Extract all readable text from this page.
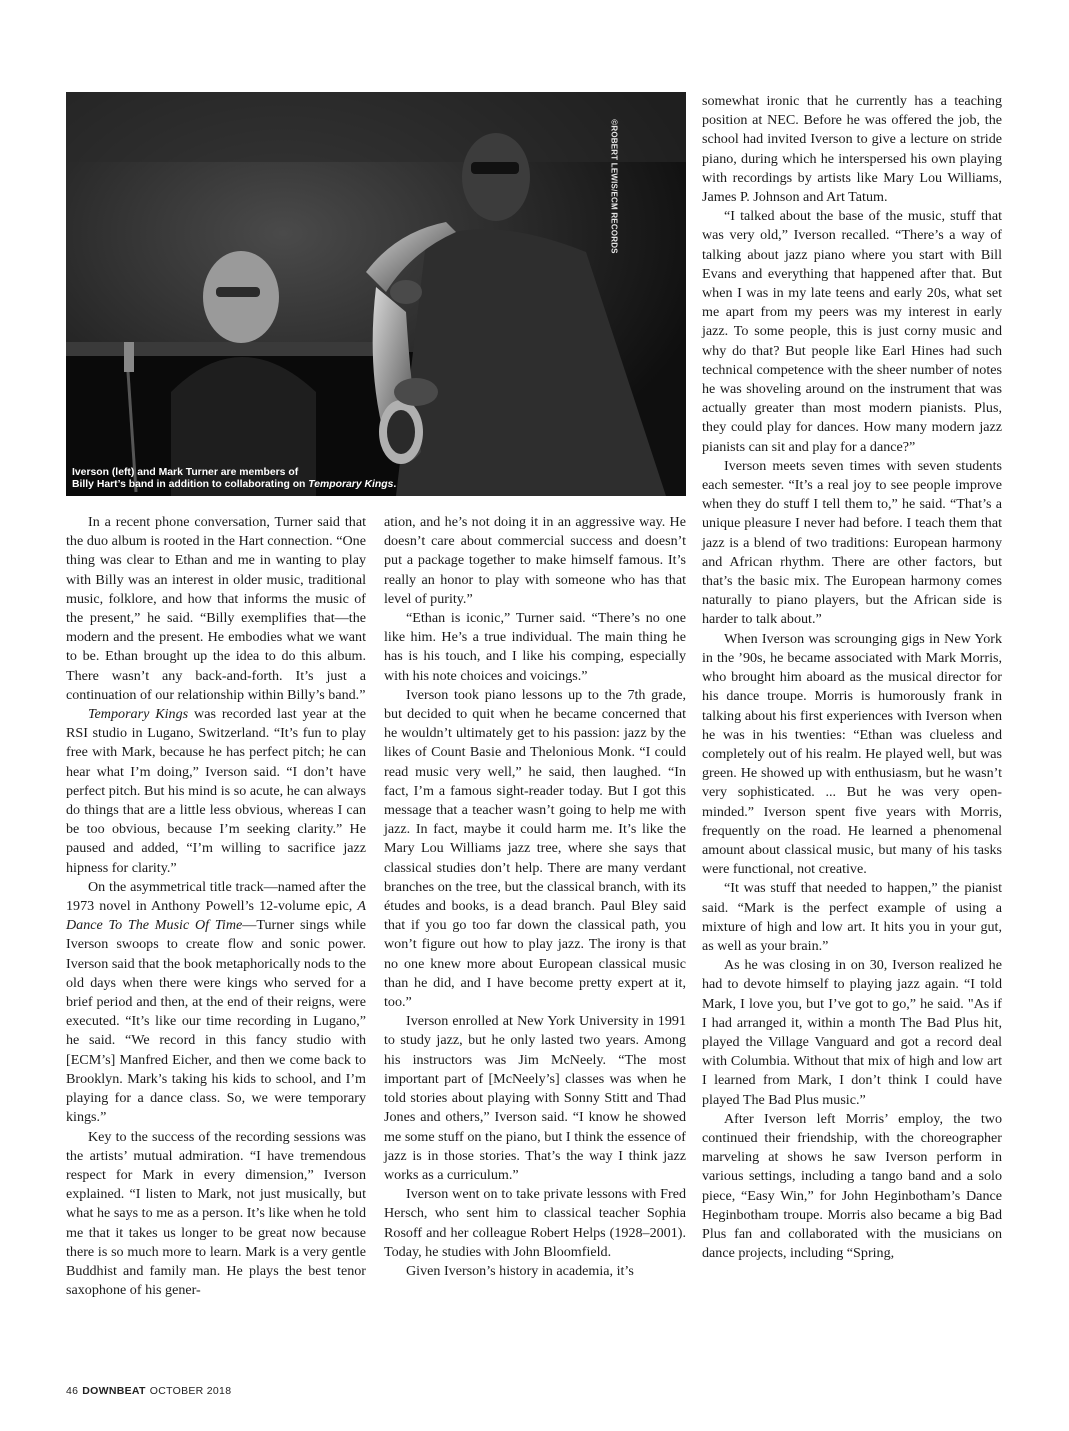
©ROBERT LEWIS/ECM RECORDS
Iverson (left) and Mark Turner are members of
Billy Hart’s band in addition to collaborating on Temporary Kings.

In a recent phone conversation, Turner said that the duo album is rooted in the Hart connection. “One thing was clear to Ethan and me in wanting to play with Billy was an interest in older music, traditional music, folklore, and how that informs the music of the present,” he said. “Billy exemplifies that—the modern and the present. He embodies what we want to be. Ethan brought up the idea to do this album. There wasn’t any back-and-forth. It’s just a continuation of our relationship within Billy’s band.”

Temporary Kings was recorded last year at the RSI studio in Lugano, Switzerland. “It’s fun to play free with Mark, because he has perfect pitch; he can hear what I’m doing,” Iverson said. “I don’t have perfect pitch. But his mind is so acute, he can always do things that are a little less obvious, whereas I can be too obvious, because I’m seeking clarity.” He paused and added, “I’m willing to sacrifice jazz hipness for clarity.”

On the asymmetrical title track—named after the 1973 novel in Anthony Powell’s 12-volume epic, A Dance To The Music Of Time—Turner sings while Iverson swoops to create flow and sonic power. Iverson said that the book metaphorically nods to the old days when there were kings who served for a brief period and then, at the end of their reigns, were executed. “It’s like our time recording in Lugano,” he said. “We record in this fancy studio with [ECM’s] Manfred Eicher, and then we come back to Brooklyn. Mark’s taking his kids to school, and I’m playing for a dance class. So, we were temporary kings.”

Key to the success of the recording sessions was the artists’ mutual admiration. “I have tremendous respect for Mark in every dimension,” Iverson explained. “I listen to Mark, not just musically, but what he says to me as a person. It’s like when he told me that it takes us longer to be great now because there is so much more to learn. Mark is a very gentle Buddhist and family man. He plays the best tenor saxophone of his gener-

ation, and he’s not doing it in an aggressive way. He doesn’t care about commercial success and doesn’t put a package together to make himself famous. It’s really an honor to play with someone who has that level of purity.”

“Ethan is iconic,” Turner said. “There’s no one like him. He’s a true individual. The main thing he has is his touch, and I like his comping, especially with his note choices and voicings.”

Iverson took piano lessons up to the 7th grade, but decided to quit when he became concerned that he wouldn’t ultimately get to his passion: jazz by the likes of Count Basie and Thelonious Monk. “I could read music very well,” he said, then laughed. “In fact, I’m a famous sight-reader today. But I got this message that a teacher wasn’t going to help me with jazz. In fact, maybe it could harm me. It’s like the Mary Lou Williams jazz tree, where she says that classical studies don’t help. There are many verdant branches on the tree, but the classical branch, with its études and books, is a dead branch. Paul Bley said that if you go too far down the classical path, you won’t figure out how to play jazz. The irony is that no one knew more about European classical music than he did, and I have become pretty expert at it, too.”

Iverson enrolled at New York University in 1991 to study jazz, but he only lasted two years. Among his instructors was Jim McNeely. “The most important part of [McNeely’s] classes was when he told stories about playing with Sonny Stitt and Thad Jones and others,” Iverson said. “I know he showed me some stuff on the piano, but I think the essence of jazz is in those stories. That’s the way I think jazz works as a curriculum.”

Iverson went on to take private lessons with Fred Hersch, who sent him to classical teacher Sophia Rosoff and her colleague Robert Helps (1928–2001). Today, he studies with John Bloomfield.

Given Iverson’s history in academia, it’s

somewhat ironic that he currently has a teaching position at NEC. Before he was offered the job, the school had invited Iverson to give a lecture on stride piano, during which he interspersed his own playing with recordings by artists like Mary Lou Williams, James P. Johnson and Art Tatum.

“I talked about the base of the music, stuff that was very old,” Iverson recalled. “There’s a way of talking about jazz piano where you start with Bill Evans and everything that happened after that. But when I was in my late teens and early 20s, what set me apart from my peers was my interest in early jazz. To some people, this is just corny music and why do that? But people like Earl Hines had such technical competence with the sheer number of notes he was shoveling around on the instrument that was actually greater than most modern pianists. Plus, they could play for dances. How many modern jazz pianists can sit and play for a dance?”

Iverson meets seven times with seven students each semester. “It’s a real joy to see people improve when they do stuff I tell them to,” he said. “That’s a unique pleasure I never had before. I teach them that jazz is a blend of two traditions: European harmony and African rhythm. There are other factors, but that’s the basic mix. The European harmony comes naturally to piano players, but the African side is harder to talk about.”

When Iverson was scrounging gigs in New York in the ’90s, he became associated with Mark Morris, who brought him aboard as the musical director for his dance troupe. Morris is humorously frank in talking about his first experiences with Iverson when he was in his twenties: “Ethan was clueless and completely out of his realm. He played well, but was green. He showed up with enthusiasm, but he wasn’t very sophisticated. ... But he was very open-minded.” Iverson spent five years with Morris, frequently on the road. He learned a phenomenal amount about classical music, but many of his tasks were functional, not creative.

“It was stuff that needed to happen,” the pianist said. “Mark is the perfect example of using a mixture of high and low art. It hits you in your gut, as well as your brain.”

As he was closing in on 30, Iverson realized he had to devote himself to playing jazz again. “I told Mark, I love you, but I’ve got to go,” he said. "As if I had arranged it, within a month The Bad Plus hit, played the Village Vanguard and got a record deal with Columbia. Without that mix of high and low art I learned from Mark, I don’t think I could have played The Bad Plus music.”

After Iverson left Morris’ employ, the two continued their friendship, with the choreographer marveling at shows he saw Iverson perform in various settings, including a tango band and a solo piece, “Easy Win,” for John Heginbotham’s Dance Heginbotham troupe. Morris also became a big Bad Plus fan and collaborated with the musicians on dance projects, including “Spring,

46 DOWNBEAT OCTOBER 2018
